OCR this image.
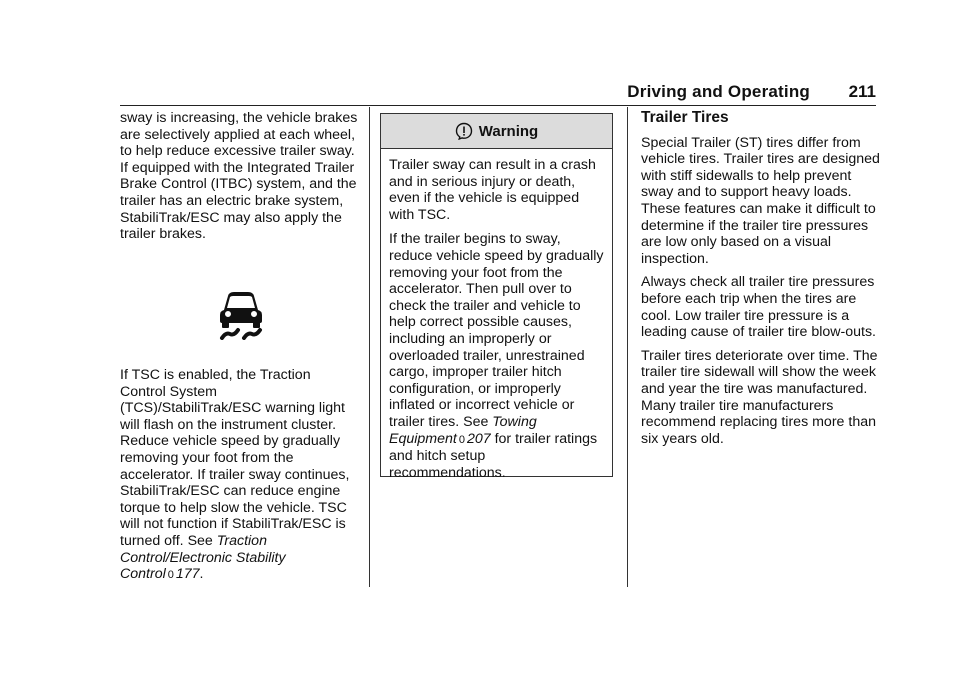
Driving and Operating 211

sway is increasing, the vehicle brakes are selectively applied at each wheel, to help reduce excessive trailer sway. If equipped with the Integrated Trailer Brake Control (ITBC) system, and the trailer has an electric brake system, StabiliTrak/ESC may also apply the trailer brakes.

If TSC is enabled, the Traction Control System (TCS)/StabiliTrak/ESC warning light will flash on the instrument cluster. Reduce vehicle speed by gradually removing your foot from the accelerator. If trailer sway continues, StabiliTrak/ESC can reduce engine torque to help slow the vehicle. TSC will not function if StabiliTrak/ESC is turned off. See Traction Control/Electronic Stability Control 0 177.

Warning

Trailer sway can result in a crash and in serious injury or death, even if the vehicle is equipped with TSC.

If the trailer begins to sway, reduce vehicle speed by gradually removing your foot from the accelerator. Then pull over to check the trailer and vehicle to help correct possible causes, including an improperly or overloaded trailer, unrestrained cargo, improper trailer hitch configuration, or improperly inflated or incorrect vehicle or trailer tires. See Towing Equipment 0 207 for trailer ratings and hitch setup recommendations.

Trailer Tires

Special Trailer (ST) tires differ from vehicle tires. Trailer tires are designed with stiff sidewalls to help prevent sway and to support heavy loads. These features can make it difficult to determine if the trailer tire pressures are low only based on a visual inspection.

Always check all trailer tire pressures before each trip when the tires are cool. Low trailer tire pressure is a leading cause of trailer tire blow-outs.

Trailer tires deteriorate over time. The trailer tire sidewall will show the week and year the tire was manufactured. Many trailer tire manufacturers recommend replacing tires more than six years old.
